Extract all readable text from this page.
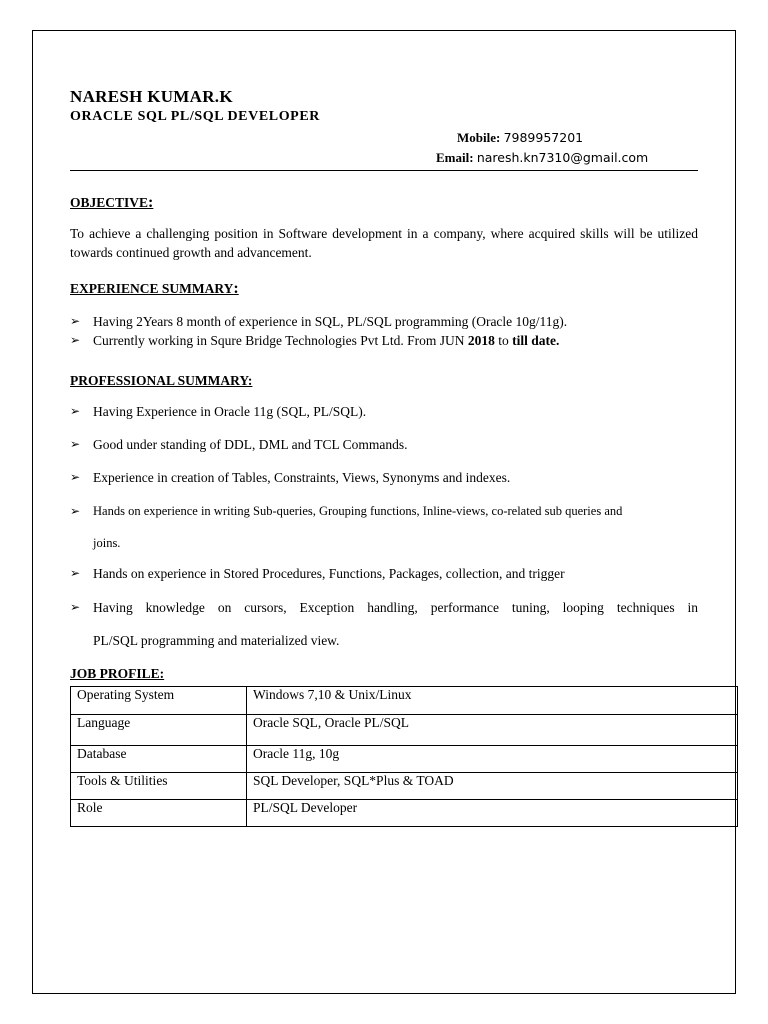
NARESH KUMAR.K
ORACLE SQL PL/SQL DEVELOPER
Mobile: 7989957201
Email: naresh.kn7310@gmail.com
OBJECTIVE:
To achieve a challenging position in Software development in a company, where acquired skills will be utilized towards continued growth and advancement.
EXPERIENCE SUMMARY:
➢ Having 2Years 8 month of experience in SQL, PL/SQL programming (Oracle 10g/11g).
➢ Currently working in Squre Bridge Technologies Pvt Ltd. From JUN 2018 to till date.
PROFESSIONAL SUMMARY:
➢ Having Experience in Oracle 11g (SQL, PL/SQL).
➢ Good under standing of DDL, DML and TCL Commands.
➢ Experience in creation of Tables, Constraints, Views, Synonyms and indexes.
➢ Hands on experience in writing Sub-queries, Grouping functions, Inline-views, co-related sub queries and
joins.
➢ Hands on experience in Stored Procedures, Functions, Packages, collection, and trigger
➢ Having knowledge on cursors, Exception handling, performance tuning, looping techniques in
PL/SQL programming and materialized view.
JOB PROFILE:
Operating System	Windows 7,10 & Unix/Linux
Language	Oracle SQL, Oracle PL/SQL
Database	Oracle 11g, 10g
Tools & Utilities	SQL Developer, SQL*Plus & TOAD
Role	PL/SQL Developer
